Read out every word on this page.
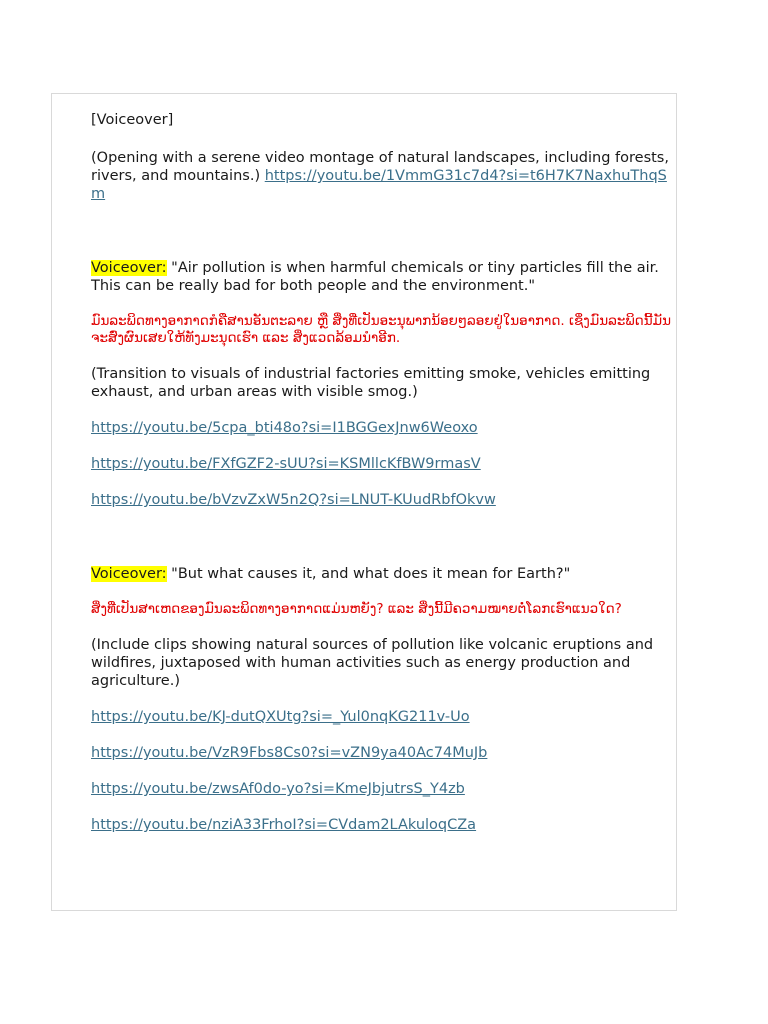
[Voiceover]

(Opening with a serene video montage of natural landscapes, including forests, rivers, and mountains.) https://youtu.be/1VmmG31c7d4?si=t6H7K7NaxhuThqSm

Voiceover: "Air pollution is when harmful chemicals or tiny particles fill the air. This can be really bad for both people and the environment."

ມົນລະພິດທາງອາກາດກໍຄືສານອັນຕະລາຍ ຫຼື ສິ່ງທີ່ເປັນອະນຸພາກນ້ອຍໆລອຍຢູ່ໃນອາກາດ. ເຊິ່ງມົນລະພິດນີ້ມັນຈະສົ່ງຜົນເສຍໃຫ້ທັງມະນຸດເຮົາ ແລະ ສິ່ງແວດລ້ອມນຳອີກ.

(Transition to visuals of industrial factories emitting smoke, vehicles emitting exhaust, and urban areas with visible smog.)

https://youtu.be/5cpa_bti48o?si=I1BGGexJnw6Weoxo

https://youtu.be/FXfGZF2-sUU?si=KSMllcKfBW9rmasV

https://youtu.be/bVzvZxW5n2Q?si=LNUT-KUudRbfOkvw

Voiceover: "But what causes it, and what does it mean for Earth?"

ສິ່ງທີ່ເປັນສາເຫດຂອງມົນລະພິດທາງອາກາດແມ່ນຫຍັງ? ແລະ ສິ່ງນີ້ມີຄວາມໝາຍຕໍ່ໂລກເຮົາແນວໃດ?

(Include clips showing natural sources of pollution like volcanic eruptions and wildfires, juxtaposed with human activities such as energy production and agriculture.)

https://youtu.be/KJ-dutQXUtg?si=_Yul0nqKG211v-Uo

https://youtu.be/VzR9Fbs8Cs0?si=vZN9ya40Ac74MuJb

https://youtu.be/zwsAf0do-yo?si=KmeJbjutrsS_Y4zb

https://youtu.be/nziA33FrhoI?si=CVdam2LAkuloqCZa
